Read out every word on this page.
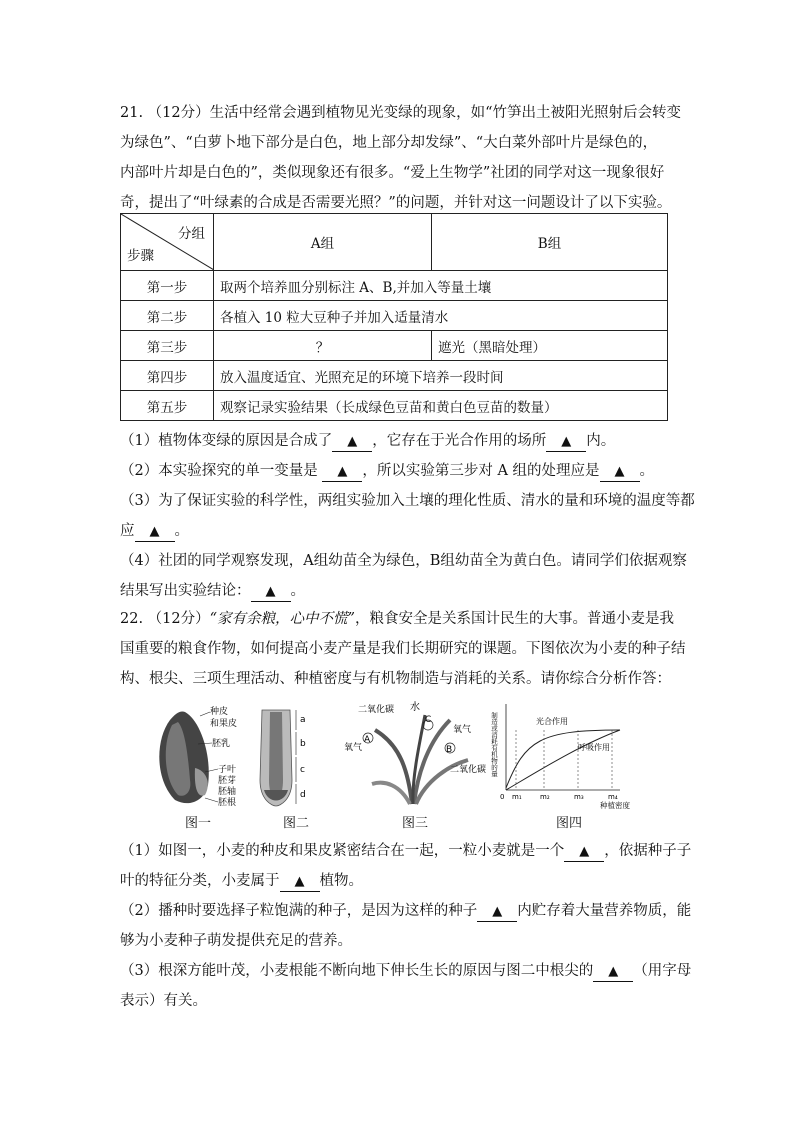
21. （12分）生活中经常会遇到植物见光变绿的现象，如“竹笋出土被阳光照射后会转变
为绿色”、“白萝卜地下部分是白色，地上部分却发绿”、“大白菜外部叶片是绿色的，
内部叶片却是白色的”，类似现象还有很多。“爱上生物学”社团的同学对这一现象很好
奇，提出了“叶绿素的合成是否需要光照？”的问题，并针对这一问题设计了以下实验。
分组
步骤	A组	B组
第一步	取两个培养皿分别标注 A、B,并加入等量土壤	
第二步	各植入 10 粒大豆种子并加入适量清水	
第三步	？	遮光（黑暗处理）
第四步	放入温度适宜、光照充足的环境下培养一段时间	
第五步	观察记录实验结果（长成绿色豆苗和黄白色豆苗的数量）	
（1）植物体变绿的原因是合成了 ▲ ，它存在于光合作用的场所 ▲ 内。
（2）本实验探究的单一变量是 ▲ ，所以实验第三步对 A 组的处理应是 ▲ 。
（3）为了保证实验的科学性，两组实验加入土壤的理化性质、清水的量和环境的温度等都
应 ▲ 。
（4）社团的同学观察发现，A组幼苗全为绿色，B组幼苗全为黄白色。请同学们依据观察
结果写出实验结论： ▲ 。
22. （12分）“家有余粮，心中不慌”，粮食安全是关系国计民生的大事。普通小麦是我
国重要的粮食作物，如何提高小麦产量是我们长期研究的课题。下图依次为小麦的种子结
构、根尖、三项生理活动、种植密度与有机物制造与消耗的关系。请你综合分析作答：
种皮
和果皮
胚乳
子叶
胚芽
胚轴
胚根
a
b
c
d
二氧化碳 水
C
氧气
A
氧气	B
二氧化碳 制造或消耗有机物的量	光合作用
呼吸作用
0 m₁	m₂	m₃	m₄
种植密度
图一	图二	图三	图四
（1）如图一，小麦的种皮和果皮紧密结合在一起，一粒小麦就是一个 ▲ ，依据种子子
叶的特征分类，小麦属于 ▲ 植物。
（2）播种时要选择子粒饱满的种子，是因为这样的种子 ▲ 内贮存着大量营养物质，能
够为小麦种子萌发提供充足的营养。
（3）根深方能叶茂，小麦根能不断向地下伸长生长的原因与图二中根尖的 ▲ （用字母
表示）有关。
